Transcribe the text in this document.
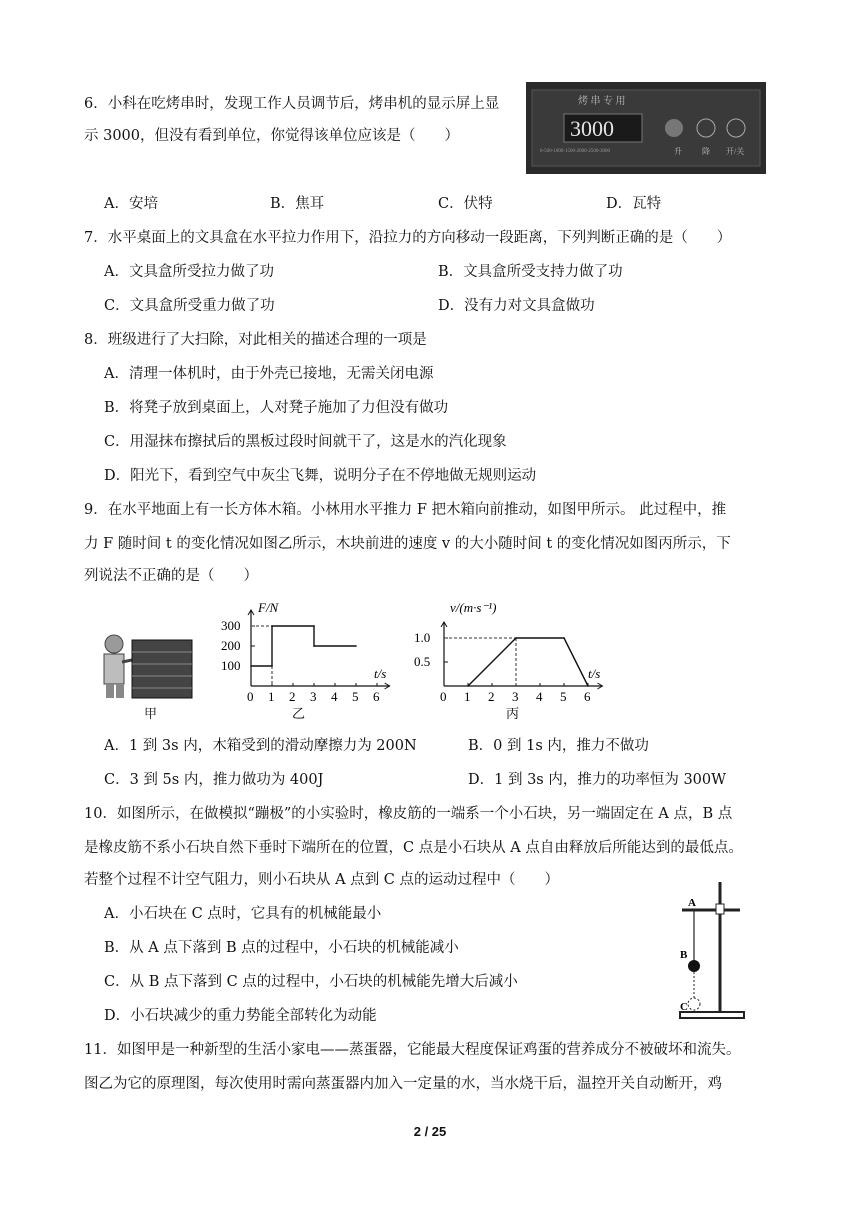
6．小科在吃烤串时，发现工作人员调节后，烤串机的显示屏上显
示 3000，但没有看到单位，你觉得该单位应该是（　　）
烤 串 专 用
3000
0-500-1000-1500-2000-2500-3000	升	降 开/关
A．安培	B．焦耳	C．伏特	D．瓦特
7．水平桌面上的文具盒在水平拉力作用下，沿拉力的方向移动一段距离，下列判断正确的是（　　）
A．文具盒所受拉力做了功	B．文具盒所受支持力做了功
C．文具盒所受重力做了功	D．没有力对文具盒做功
8．班级进行了大扫除，对此相关的描述合理的一项是
A．清理一体机时，由于外壳已接地，无需关闭电源
B．将凳子放到桌面上，人对凳子施加了力但没有做功
C．用湿抹布擦拭后的黑板过段时间就干了，这是水的汽化现象
D．阳光下，看到空气中灰尘飞舞，说明分子在不停地做无规则运动
9．在水平地面上有一长方体木箱。小林用水平推力 F 把木箱向前推动，如图甲所示。 此过程中，推
力 F 随时间 t 的变化情况如图乙所示，木块前进的速度 v 的大小随时间 t 的变化情况如图丙所示，下
列说法不正确的是（　　）
甲
F/N
t/s
乙
0 1 2 3 4 5 6
300
200
100
v/(m·s⁻¹)
t/s
丙
0 1 2 3 4 5 6
1.0
0.5
A．1 到 3s 内，木箱受到的滑动摩擦力为 200N	B．0 到 1s 内，推力不做功
C．3 到 5s 内，推力做功为 400J	D．1 到 3s 内，推力的功率恒为 300W
10．如图所示，在做模拟“蹦极”的小实验时，橡皮筋的一端系一个小石块，另一端固定在 A 点，B 点
是橡皮筋不系小石块自然下垂时下端所在的位置，C 点是小石块从 A 点自由释放后所能达到的最低点。
若整个过程不计空气阻力，则小石块从 A 点到 C 点的运动过程中（　　）
A．小石块在 C 点时，它具有的机械能最小
B．从 A 点下落到 B 点的过程中，小石块的机械能减小
C．从 B 点下落到 C 点的过程中，小石块的机械能先增大后减小
D．小石块减少的重力势能全部转化为动能
A
B
C
11．如图甲是一种新型的生活小家电——蒸蛋器，它能最大程度保证鸡蛋的营养成分不被破坏和流失。
图乙为它的原理图，每次使用时需向蒸蛋器内加入一定量的水，当水烧干后，温控开关自动断开，鸡
2 / 25
